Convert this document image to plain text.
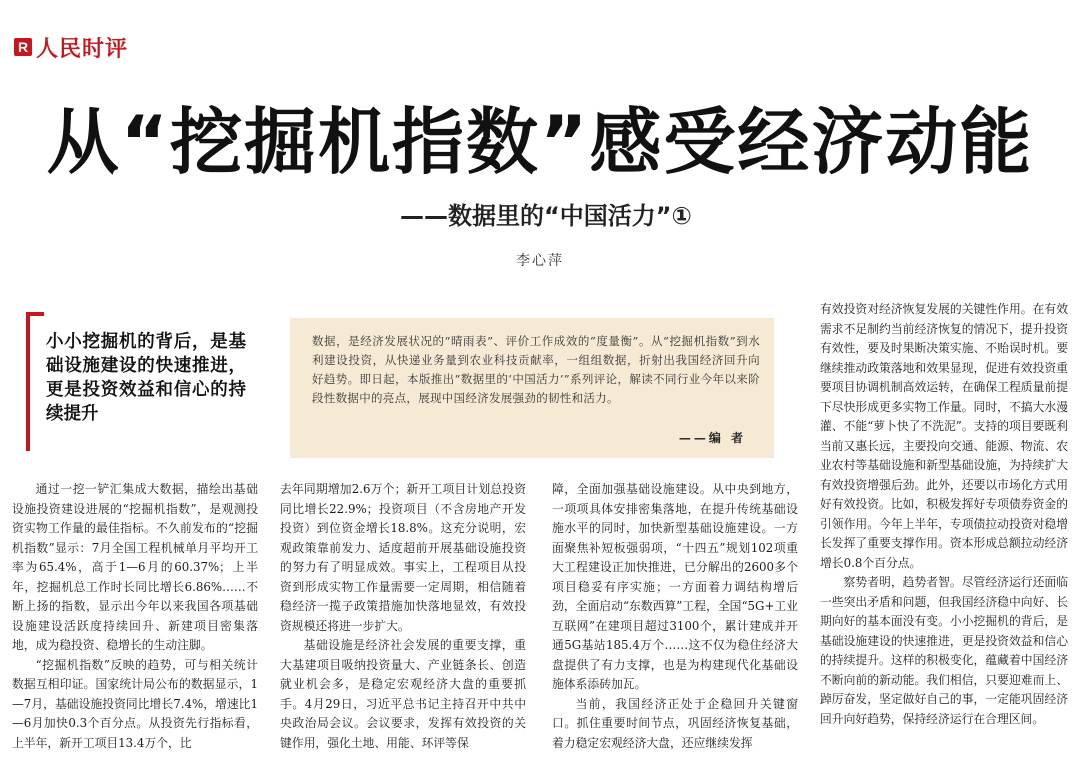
R 人民时评
从“挖掘机指数”感受经济动能
——数据里的“中国活力”①
李心萍
小小挖掘机的背后，是基础设施建设的快速推进，更是投资效益和信心的持续提升
数据，是经济发展状况的“晴雨表”、评价工作成效的“度量衡”。从“挖掘机指数”到水利建设投资，从快递业务量到农业科技贡献率，一组组数据，折射出我国经济回升向好趋势。即日起，本版推出“数据里的‘中国活力’”系列评论，解读不同行业今年以来阶段性数据中的亮点，展现中国经济发展强劲的韧性和活力。
——编 者

通过一挖一铲汇集成大数据，描绘出基础设施投资建设进展的“挖掘机指数”，是观测投资实物工作量的最佳指标。不久前发布的“挖掘机指数”显示：7月全国工程机械单月平均开工率为65.4%，高于1—6月的60.37%；上半年，挖掘机总工作时长同比增长6.86%……不断上扬的指数，显示出今年以来我国各项基础设施建设活跃度持续回升、新建项目密集落地，成为稳投资、稳增长的生动注脚。

“挖掘机指数”反映的趋势，可与相关统计数据互相印证。国家统计局公布的数据显示，1—7月，基础设施投资同比增长7.4%，增速比1—6月加快0.3个百分点。从投资先行指标看，上半年，新开工项目13.4万个，比

去年同期增加2.6万个；新开工项目计划总投资同比增长22.9%；投资项目（不含房地产开发投资）到位资金增长18.8%。这充分说明，宏观政策靠前发力、适度超前开展基础设施投资的努力有了明显成效。事实上，工程项目从投资到形成实物工作量需要一定周期，相信随着稳经济一揽子政策措施加快落地显效，有效投资规模还将进一步扩大。

基础设施是经济社会发展的重要支撑，重大基建项目吸纳投资量大、产业链条长、创造就业机会多，是稳定宏观经济大盘的重要抓手。4月29日，习近平总书记主持召开中共中央政治局会议。会议要求，发挥有效投资的关键作用，强化土地、用能、环评等保

障，全面加强基础设施建设。从中央到地方，一项项具体安排密集落地，在提升传统基础设施水平的同时，加快新型基础设施建设。一方面聚焦补短板强弱项，“十四五”规划102项重大工程建设正加快推进，已分解出的2600多个项目稳妥有序实施；一方面着力调结构增后劲，全面启动“东数西算”工程，全国“5G+工业互联网”在建项目超过3100个，累计建成并开通5G基站185.4万个……这不仅为稳住经济大盘提供了有力支撑，也是为构建现代化基础设施体系添砖加瓦。

当前，我国经济正处于企稳回升关键窗口。抓住重要时间节点，巩固经济恢复基础，着力稳定宏观经济大盘，还应继续发挥

有效投资对经济恢复发展的关键性作用。在有效需求不足制约当前经济恢复的情况下，提升投资有效性，要及时果断决策实施、不贻误时机。要继续推动政策落地和效果显现，促进有效投资重要项目协调机制高效运转，在确保工程质量前提下尽快形成更多实物工作量。同时，不搞大水漫灌、不能“萝卜快了不洗泥”。支持的项目要既利当前又惠长远，主要投向交通、能源、物流、农业农村等基础设施和新型基础设施，为持续扩大有效投资增强后劲。此外，还要以市场化方式用好有效投资。比如，积极发挥好专项债券资金的引领作用。今年上半年，专项债拉动投资对稳增长发挥了重要支撑作用。资本形成总额拉动经济增长0.8个百分点。

察势者明，趋势者智。尽管经济运行还面临一些突出矛盾和问题，但我国经济稳中向好、长期向好的基本面没有变。小小挖掘机的背后，是基础设施建设的快速推进，更是投资效益和信心的持续提升。这样的积极变化，蕴藏着中国经济不断向前的新动能。我们相信，只要迎难而上、踔厉奋发，坚定做好自己的事，一定能巩固经济回升向好趋势，保持经济运行在合理区间。
